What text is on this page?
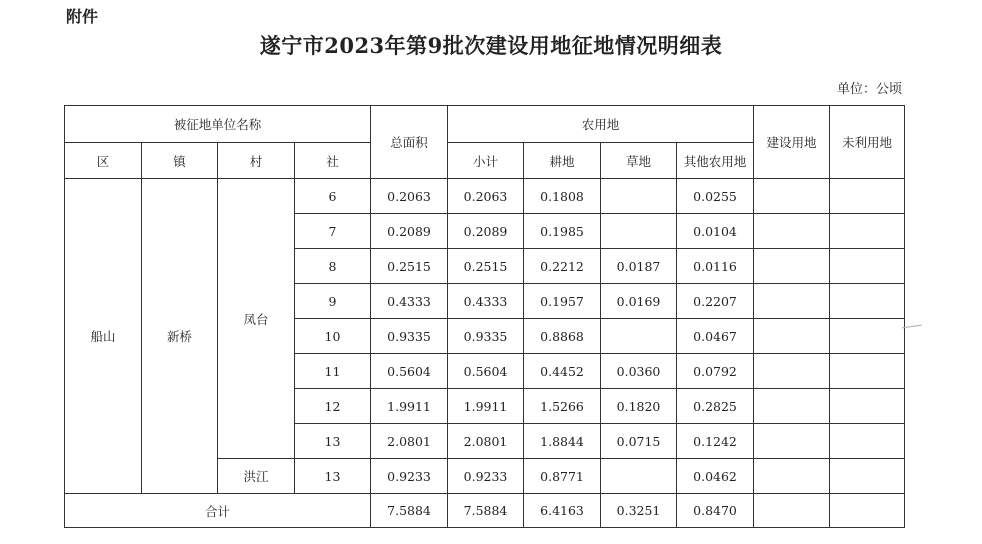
附件
遂宁市2023年第9批次建设用地征地情况明细表
单位：公顷
被征地单位名称				总面积	农用地				建设用地	未利用地
区	镇	村	社		小计	耕地	草地	其他农用地		
船山	新桥	凤台	6	0.2063	0.2063	0.1808		0.0255		
			7	0.2089	0.2089	0.1985		0.0104		
			8	0.2515	0.2515	0.2212	0.0187	0.0116		
			9	0.4333	0.4333	0.1957	0.0169	0.2207		
			10	0.9335	0.9335	0.8868		0.0467		
			11	0.5604	0.5604	0.4452	0.0360	0.0792		
			12	1.9911	1.9911	1.5266	0.1820	0.2825		
			13	2.0801	2.0801	1.8844	0.0715	0.1242		
		洪江	13	0.9233	0.9233	0.8771		0.0462		
合计				7.5884	7.5884	6.4163	0.3251	0.8470		
